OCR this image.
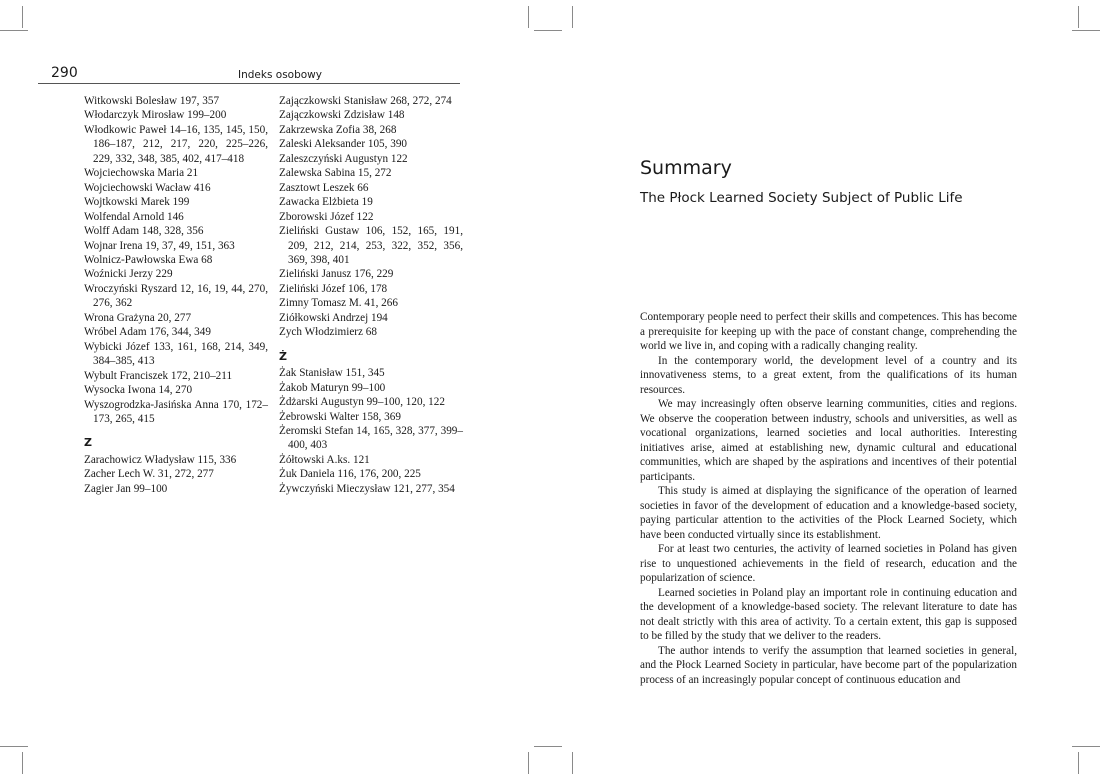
290	Indeks osobowy
Witkowski Bolesław 197, 357
Włodarczyk Mirosław 199–200
Włodkowic Paweł 14–16, 135, 145, 150, 186–187, 212, 217, 220, 225–226, 229, 332, 348, 385, 402, 417–418
Wojciechowska Maria 21
Wojciechowski Wacław 416
Wojtkowski Marek 199
Wolfendal Arnold 146
Wolff Adam 148, 328, 356
Wojnar Irena 19, 37, 49, 151, 363
Wolnicz-Pawłowska Ewa 68
Woźnicki Jerzy 229
Wroczyński Ryszard 12, 16, 19, 44, 270, 276, 362
Wrona Grażyna 20, 277
Wróbel Adam 176, 344, 349
Wybicki Józef 133, 161, 168, 214, 349, 384–385, 413
Wybult Franciszek 172, 210–211
Wysocka Iwona 14, 270
Wyszogrodzka-Jasińska Anna 170, 172–173, 265, 415
Z
Zarachowicz Władysław 115, 336
Zacher Lech W. 31, 272, 277
Zagier Jan 99–100
Zajączkowski Stanisław 268, 272, 274
Zajączkowski Zdzisław 148
Zakrzewska Zofia 38, 268
Zaleski Aleksander 105, 390
Zaleszczyński Augustyn 122
Zalewska Sabina 15, 272
Zasztowt Leszek 66
Zawacka Elżbieta 19
Zborowski Józef 122
Zieliński Gustaw 106, 152, 165, 191, 209, 212, 214, 253, 322, 352, 356, 369, 398, 401
Zieliński Janusz 176, 229
Zieliński Józef 106, 178
Zimny Tomasz M. 41, 266
Ziółkowski Andrzej 194
Zych Włodzimierz 68
Ż
Żak Stanisław 151, 345
Żakob Maturyn 99–100
Żdżarski Augustyn 99–100, 120, 122
Żebrowski Walter 158, 369
Żeromski Stefan 14, 165, 328, 377, 399–400, 403
Żółtowski A.ks. 121
Żuk Daniela 116, 176, 200, 225
Żywczyński Mieczysław 121, 277, 354
Summary
The Płock Learned Society Subject of Public Life

Contemporary people need to perfect their skills and competences. This has become a prerequisite for keeping up with the pace of constant change, comprehending the world we live in, and coping with a radically changing reality.

In the contemporary world, the development level of a country and its innovativeness stems, to a great extent, from the qualifications of its human resources.

We may increasingly often observe learning communities, cities and regions. We observe the cooperation between industry, schools and universities, as well as vocational organizations, learned societies and local authorities. Interesting initiatives arise, aimed at establishing new, dynamic cultural and educational communities, which are shaped by the aspirations and incentives of their potential participants.

This study is aimed at displaying the significance of the operation of learned societies in favor of the development of education and a knowledge-based society, paying particular attention to the activities of the Płock Learned Society, which have been conducted virtually since its establishment.

For at least two centuries, the activity of learned societies in Poland has given rise to unquestioned achievements in the field of research, education and the popularization of science.

Learned societies in Poland play an important role in continuing education and the development of a knowledge-based society. The relevant literature to date has not dealt strictly with this area of activity. To a certain extent, this gap is supposed to be filled by the study that we deliver to the readers.

The author intends to verify the assumption that learned societies in general, and the Płock Learned Society in particular, have become part of the popularization process of an increasingly popular concept of continuous education and
